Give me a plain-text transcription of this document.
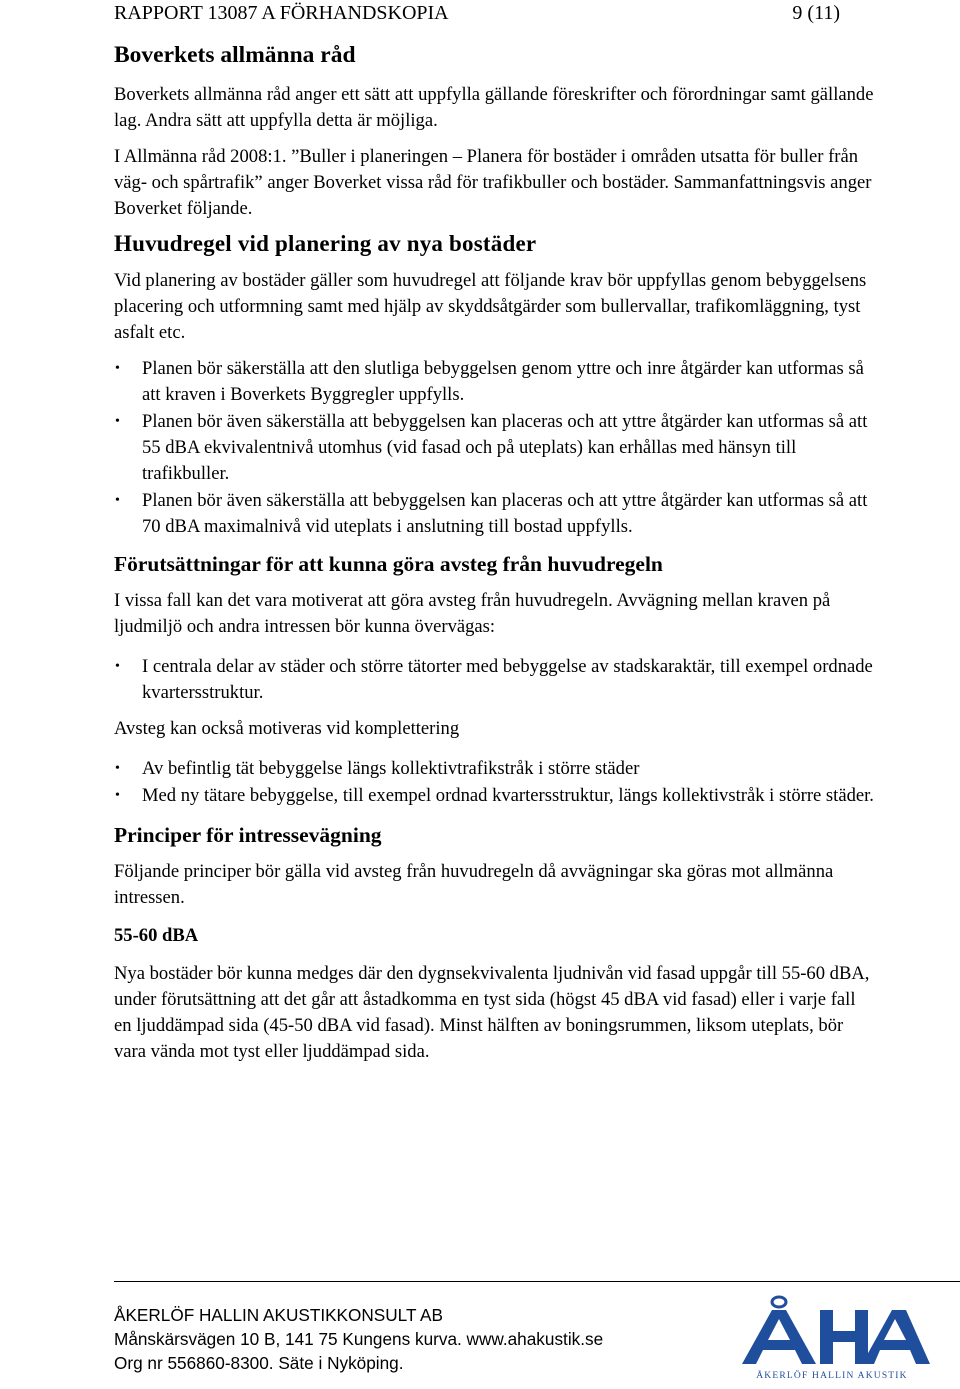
RAPPORT 13087 A FÖRHANDSKOPIA	9 (11)
Boverkets allmänna råd

Boverkets allmänna råd anger ett sätt att uppfylla gällande föreskrifter och förordningar samt gällande lag. Andra sätt att uppfylla detta är möjliga.

I Allmänna råd 2008:1. ”Buller i planeringen – Planera för bostäder i områden utsatta för buller från väg- och spårtrafik” anger Boverket vissa råd för trafikbuller och bostäder. Sammanfattningsvis anger Boverket följande.

Huvudregel vid planering av nya bostäder

Vid planering av bostäder gäller som huvudregel att följande krav bör uppfyllas genom bebyggelsens placering och utformning samt med hjälp av skyddsåtgärder som bullervallar, trafikomläggning, tyst asfalt etc.

• Planen bör säkerställa att den slutliga bebyggelsen genom yttre och inre åtgärder kan utformas så att kraven i Boverkets Byggregler uppfylls.
• Planen bör även säkerställa att bebyggelsen kan placeras och att yttre åtgärder kan utformas så att 55 dBA ekvivalentnivå utomhus (vid fasad och på uteplats) kan erhållas med hänsyn till trafikbuller.
• Planen bör även säkerställa att bebyggelsen kan placeras och att yttre åtgärder kan utformas så att 70 dBA maximalnivå vid uteplats i anslutning till bostad uppfylls.
Förutsättningar för att kunna göra avsteg från huvudregeln

I vissa fall kan det vara motiverat att göra avsteg från huvudregeln. Avvägning mellan kraven på ljudmiljö och andra intressen bör kunna övervägas:

• I centrala delar av städer och större tätorter med bebyggelse av stadskaraktär, till exempel ordnade kvartersstruktur.

Avsteg kan också motiveras vid komplettering

• Av befintlig tät bebyggelse längs kollektivtrafikstråk i större städer
• Med ny tätare bebyggelse, till exempel ordnad kvartersstruktur, längs kollektivstråk i större städer.
Principer för intressevägning

Följande principer bör gälla vid avsteg från huvudregeln då avvägningar ska göras mot allmänna intressen.

55-60 dBA

Nya bostäder bör kunna medges där den dygnsekvivalenta ljudnivån vid fasad uppgår till 55-60 dBA, under förutsättning att det går att åstadkomma en tyst sida (högst 45 dBA vid fasad) eller i varje fall en ljuddämpad sida (45-50 dBA vid fasad). Minst hälften av boningsrummen, liksom uteplats, bör vara vända mot tyst eller ljuddämpad sida.

ÅKERLÖF HALLIN AKUSTIKKONSULT AB
Månskärsvägen 10 B, 141 75 Kungens kurva. www.ahakustik.se
Org nr 556860-8300. Säte i Nyköping.
ÅKERLÖF HALLIN AKUSTIK
